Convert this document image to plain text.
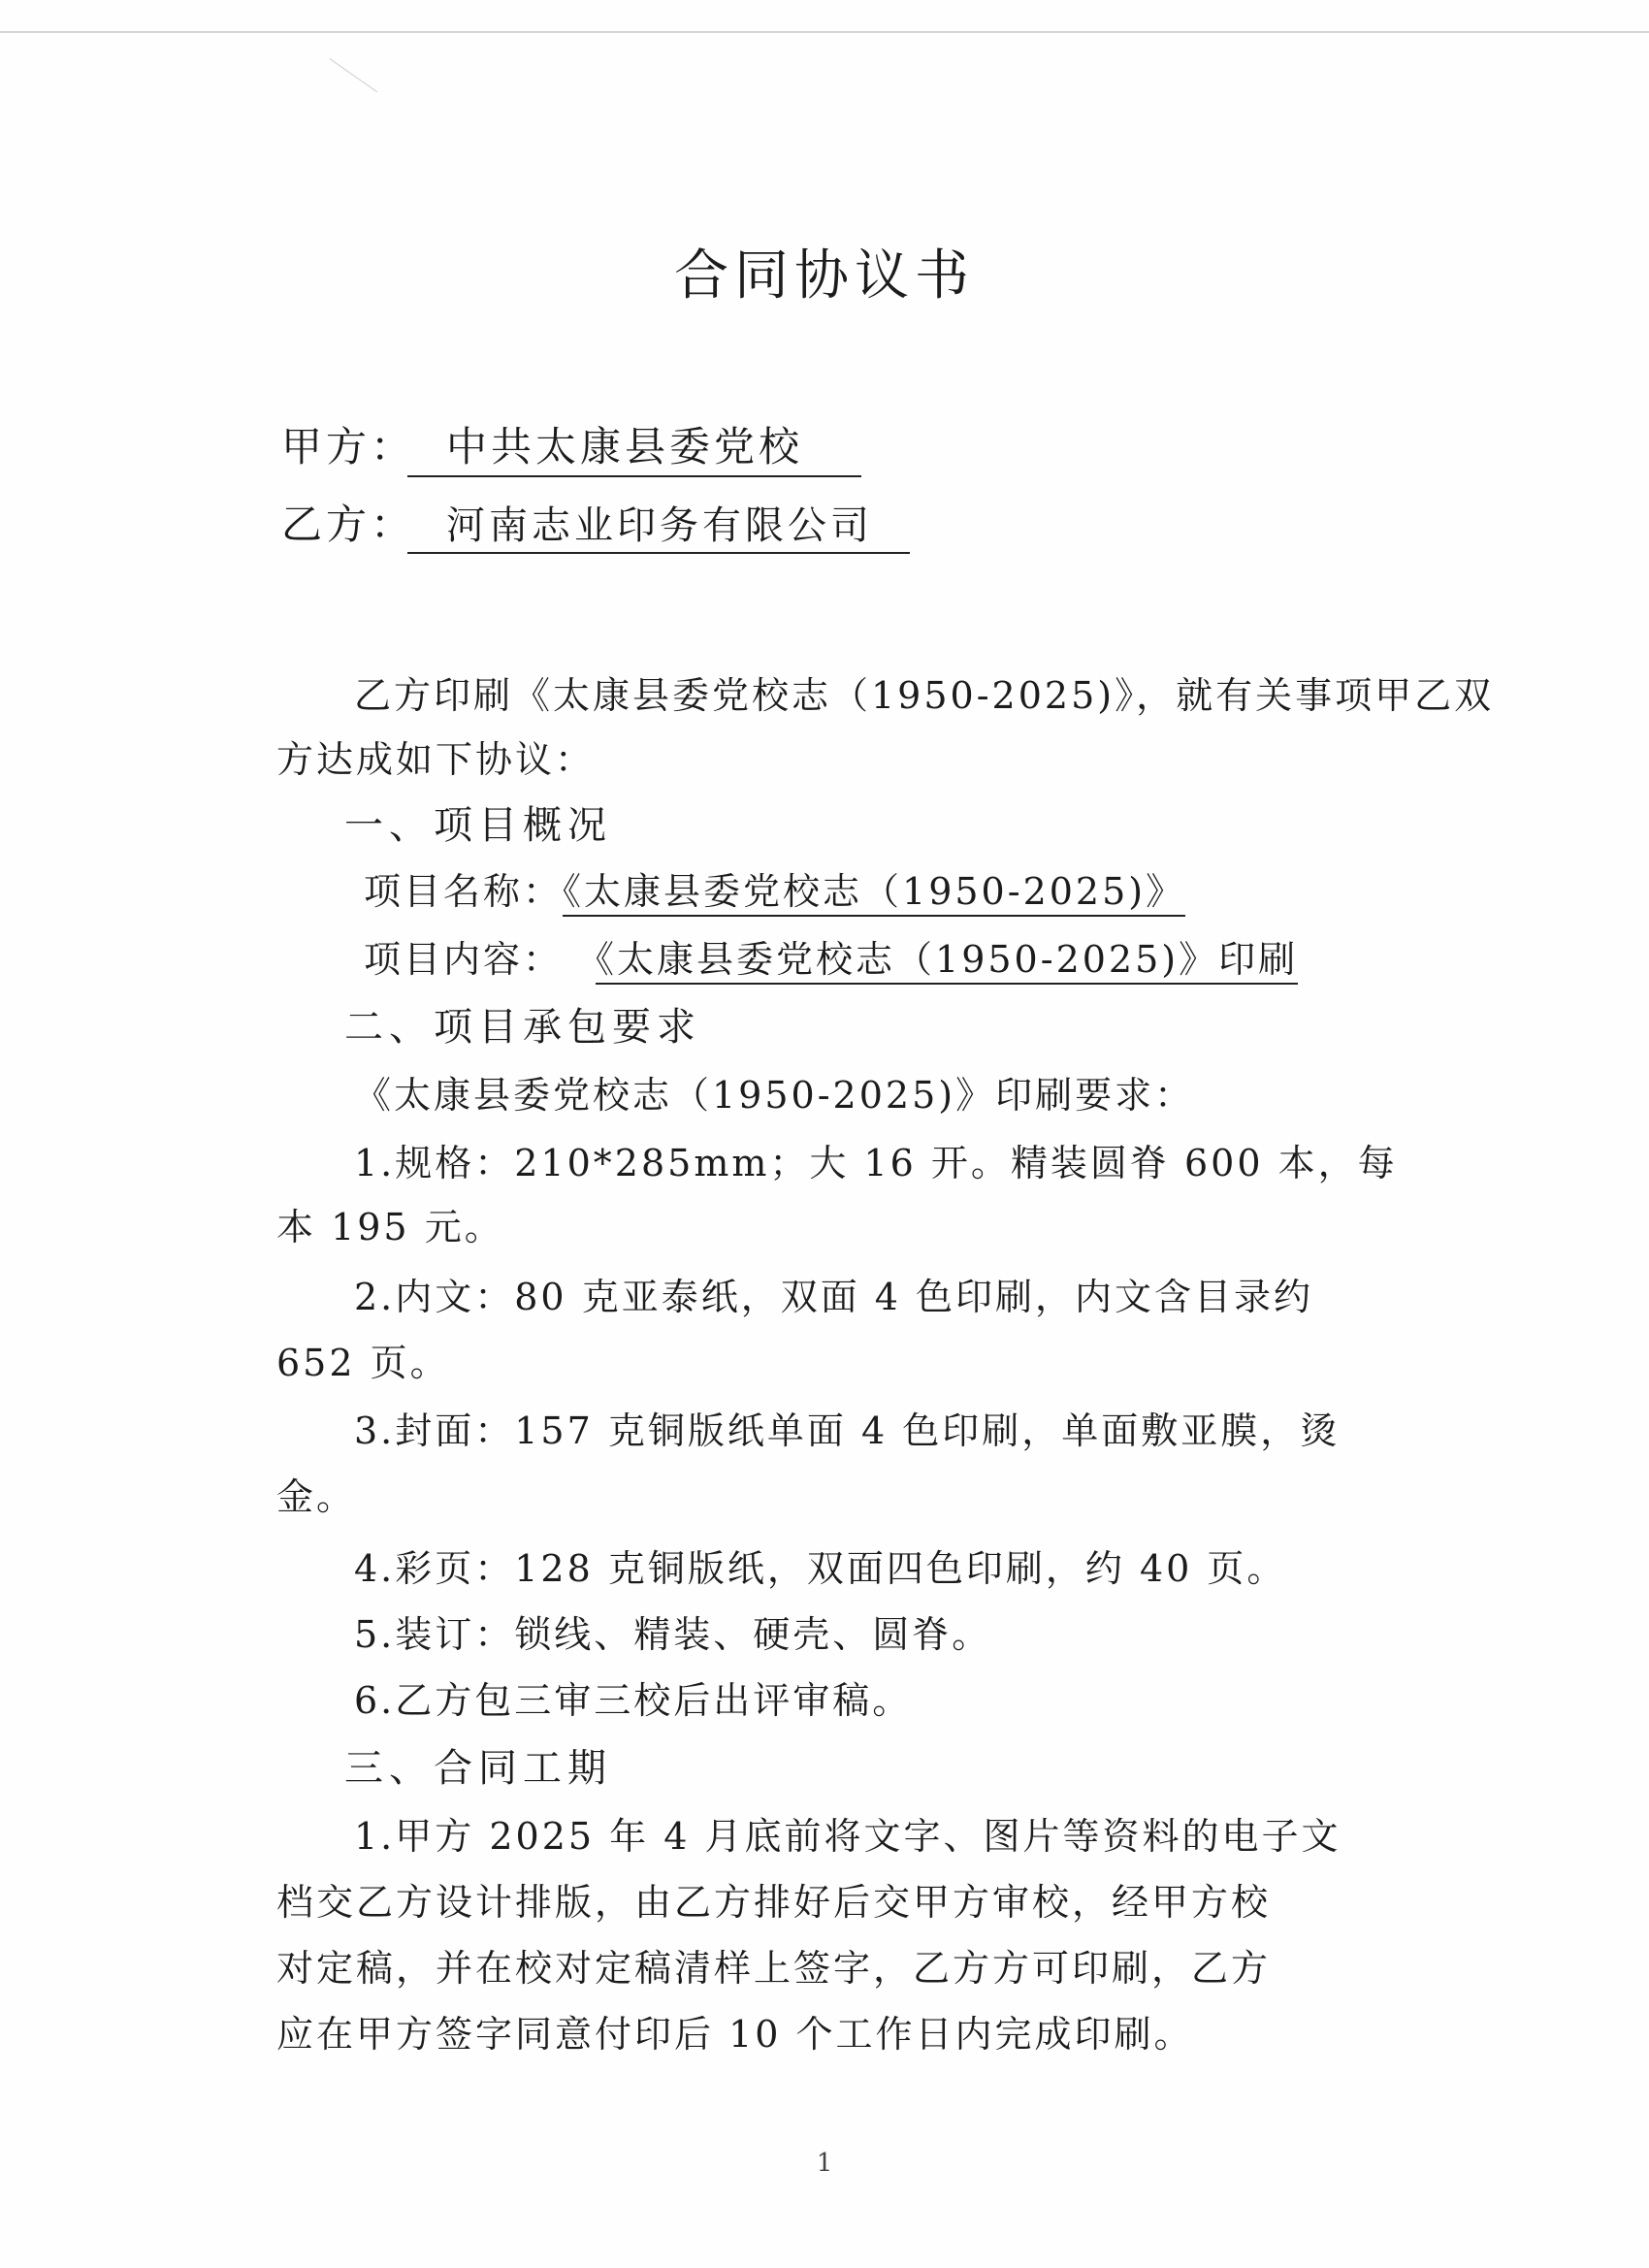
合同协议书
甲方： 中共太康县委党校
乙方： 河南志业印务有限公司
乙方印刷《太康县委党校志（1950-2025)》，就有关事项甲乙双
方达成如下协议：
一、项目概况
项目名称：《太康县委党校志（1950-2025)》
项目内容： 《太康县委党校志（1950-2025)》印刷
二、项目承包要求
《太康县委党校志（1950-2025)》印刷要求：
1.规格：210*285mm；大 16 开。精装圆脊 600 本，每
本 195 元。
2.内文：80 克亚泰纸，双面 4 色印刷，内文含目录约
652 页。
3.封面：157 克铜版纸单面 4 色印刷，单面敷亚膜，烫
金。
4.彩页：128 克铜版纸，双面四色印刷，约 40 页。
5.装订：锁线、精装、硬壳、圆脊。
6.乙方包三审三校后出评审稿。
三、合同工期
1.甲方 2025 年 4 月底前将文字、图片等资料的电子文
档交乙方设计排版，由乙方排好后交甲方审校，经甲方校
对定稿，并在校对定稿清样上签字，乙方方可印刷，乙方
应在甲方签字同意付印后 10 个工作日内完成印刷。
1
